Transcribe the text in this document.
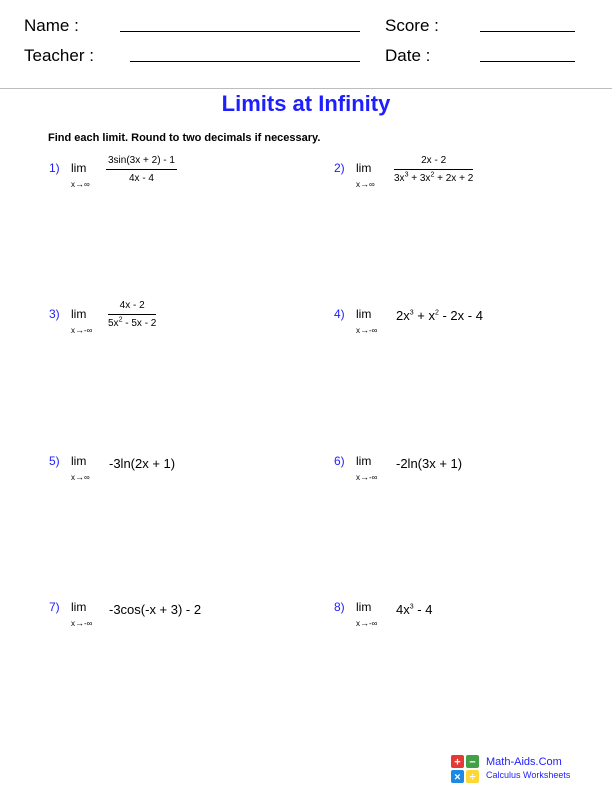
Name :	Score :
Teacher :	Date :
Limits at Infinity
Find each limit. Round to two decimals if necessary.
1) lim
x→∞
$\frac{3\sin(3x + 2) - 1}{4x - 4}$	2) lim
x→∞
$\frac{2x - 2}{3x^3 + 3x^2 + 2x + 2}$
3) lim
x→-∞
$\frac{4x - 2}{5x^2 - 5x - 2}$	4) lim
x→-∞
$2x^3 + x^2 - 2x - 4$
5) lim
x→∞
-3ln(2x + 1)	6) lim
x→-∞
-2ln(3x + 1)
7) lim
x→-∞
-3cos(-x + 3) - 2	8) lim
x→-∞
$4x^3 - 4$
+ −
× ÷
Math-Aids.Com
Calculus Worksheets
